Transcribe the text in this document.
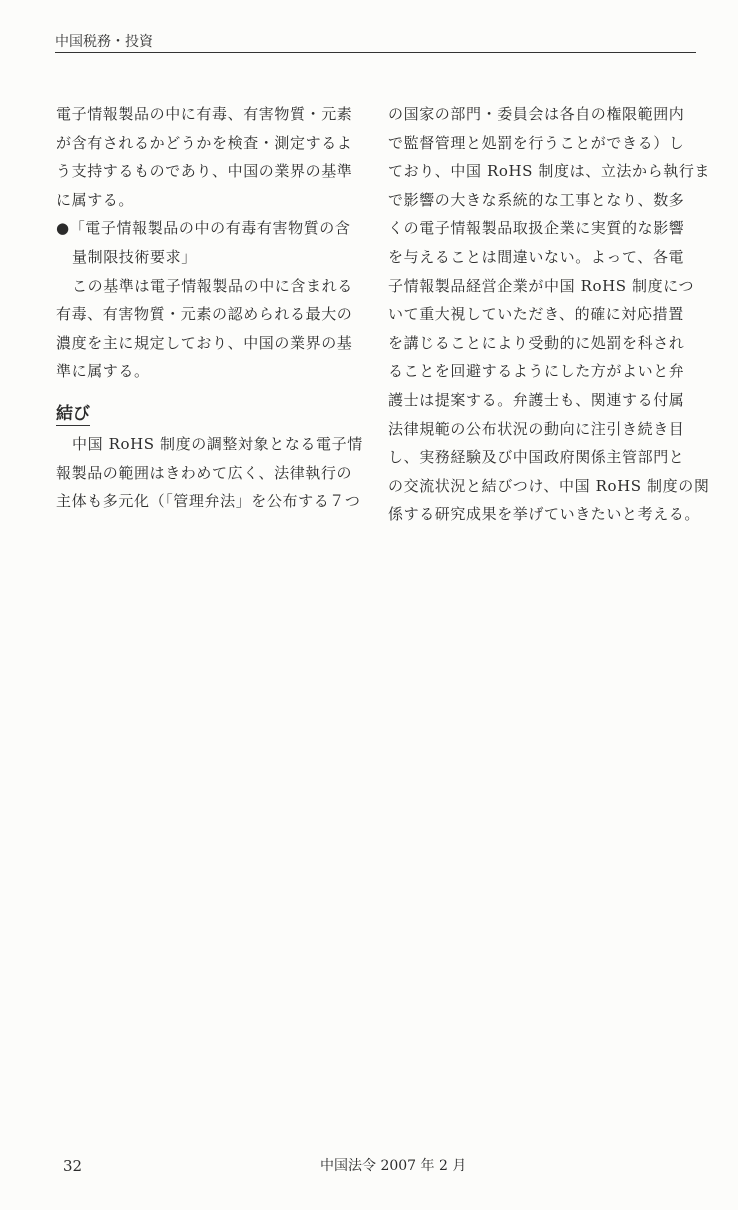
中国税務・投資
電子情報製品の中に有毒、有害物質・元素
が含有されるかどうかを検査・測定するよ
う支持するものであり、中国の業界の基準
に属する。
●「電子情報製品の中の有毒有害物質の含
量制限技術要求」
この基準は電子情報製品の中に含まれる
有毒、有害物質・元素の認められる最大の
濃度を主に規定しており、中国の業界の基
準に属する。
結び
中国 RoHS 制度の調整対象となる電子情
報製品の範囲はきわめて広く、法律執行の
主体も多元化（「管理弁法」を公布する７つ
の国家の部門・委員会は各自の権限範囲内
で監督管理と処罰を行うことができる）し
ており、中国 RoHS 制度は、立法から執行ま
で影響の大きな系統的な工事となり、数多
くの電子情報製品取扱企業に実質的な影響
を与えることは間違いない。よって、各電
子情報製品経営企業が中国 RoHS 制度につ
いて重大視していただき、的確に対応措置
を講じることにより受動的に処罰を科され
ることを回避するようにした方がよいと弁
護士は提案する。弁護士も、関連する付属
法律規範の公布状況の動向に注引き続き目
し、実務経験及び中国政府関係主管部門と
の交流状況と結びつけ、中国 RoHS 制度の関
係する研究成果を挙げていきたいと考える。
32	中国法令 2007 年 2 月
